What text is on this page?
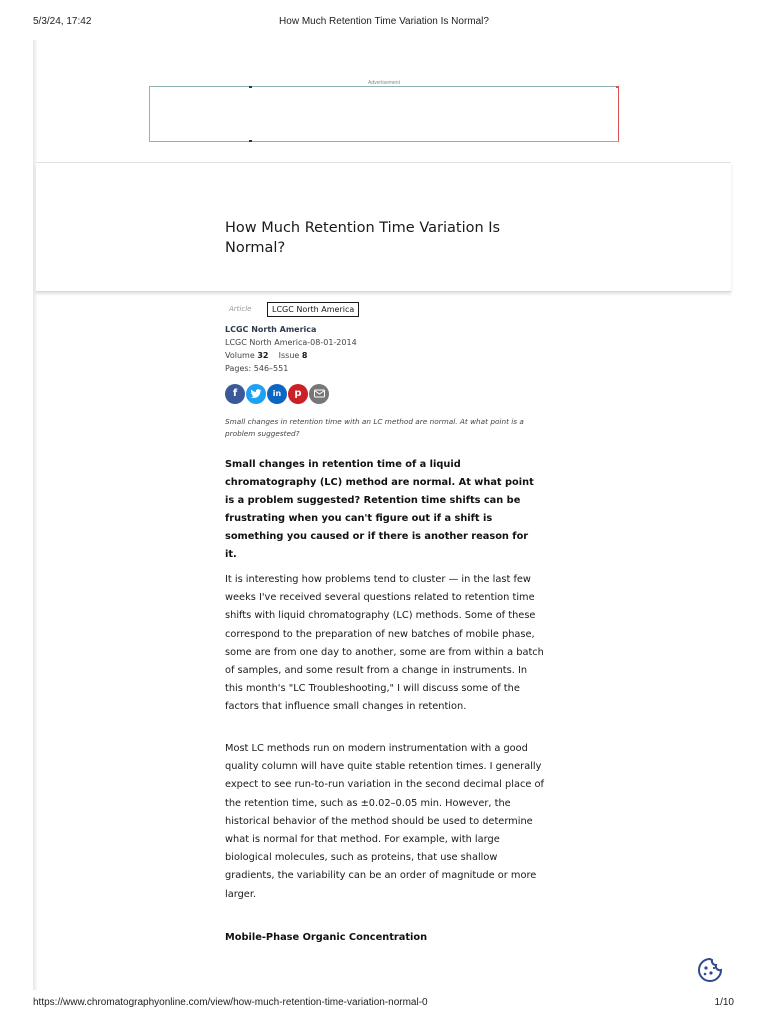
How Much Retention Time Variation Is Normal?
5/3/24, 17:42
Advertisement
How Much Retention Time Variation Is Normal?
Article	LCGC North America
LCGC North America
LCGC North America-08-01-2014
Volume 32 Issue 8
Pages: 546–551
f	in	p

Small changes in retention time with an LC method are normal. At what point is a problem suggested?

Small changes in retention time of a liquid chromatography (LC) method are normal. At what point is a problem suggested? Retention time shifts can be frustrating when you can't figure out if a shift is something you caused or if there is another reason for it.

It is interesting how problems tend to cluster — in the last few weeks I've received several questions related to retention time shifts with liquid chromatography (LC) methods. Some of these correspond to the preparation of new batches of mobile phase, some are from one day to another, some are from within a batch of samples, and some result from a change in instruments. In this month's "LC Troubleshooting," I will discuss some of the factors that influence small changes in retention.

Most LC methods run on modern instrumentation with a good quality column will have quite stable retention times. I generally expect to see run-to-run variation in the second decimal place of the retention time, such as ±0.02–0.05 min. However, the historical behavior of the method should be used to determine what is normal for that method. For example, with large biological molecules, such as proteins, that use shallow gradients, the variability can be an order of magnitude or more larger.

Mobile-Phase Organic Concentration
https://www.chromatographyonline.com/view/how-much-retention-time-variation-normal-0	1/10
